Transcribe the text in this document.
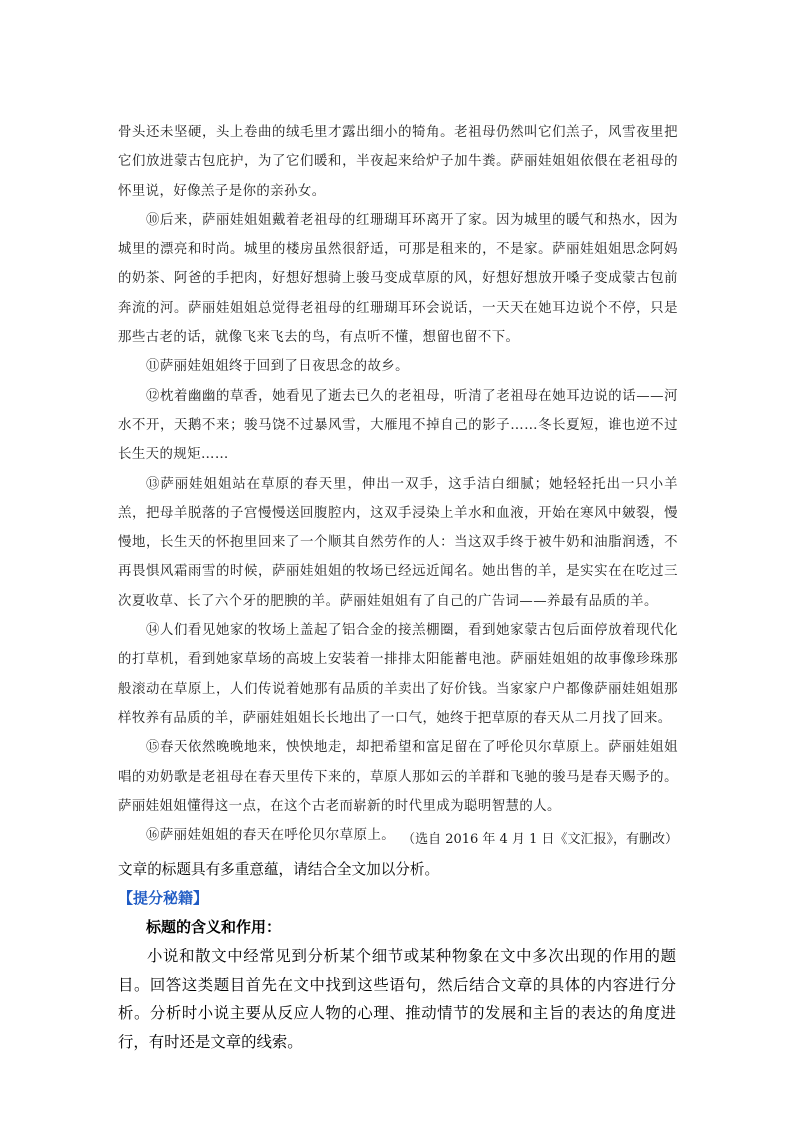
骨头还未坚硬，头上卷曲的绒毛里才露出细小的犄角。老祖母仍然叫它们羔子，风雪夜里把它们放进蒙古包庇护，为了它们暖和，半夜起来给炉子加牛粪。萨丽娃姐姐依偎在老祖母的怀里说，好像羔子是你的亲孙女。

⑩后来，萨丽娃姐姐戴着老祖母的红珊瑚耳环离开了家。因为城里的暖气和热水，因为城里的漂亮和时尚。城里的楼房虽然很舒适，可那是租来的，不是家。萨丽娃姐姐思念阿妈的奶茶、阿爸的手把肉，好想好想骑上骏马变成草原的风，好想好想放开嗓子变成蒙古包前奔流的河。萨丽娃姐姐总觉得老祖母的红珊瑚耳环会说话，一天天在她耳边说个不停，只是那些古老的话，就像飞来飞去的鸟，有点听不懂，想留也留不下。

⑪萨丽娃姐姐终于回到了日夜思念的故乡。

⑫枕着幽幽的草香，她看见了逝去已久的老祖母，听清了老祖母在她耳边说的话——河水不开，天鹅不来；骏马饶不过暴风雪，大雁甩不掉自己的影子……冬长夏短，谁也逆不过长生天的规矩……

⑬萨丽娃姐姐站在草原的春天里，伸出一双手，这手洁白细腻；她轻轻托出一只小羊羔，把母羊脱落的子宫慢慢送回腹腔内，这双手浸染上羊水和血液，开始在寒风中皴裂，慢慢地，长生天的怀抱里回来了一个顺其自然劳作的人：当这双手终于被牛奶和油脂润透，不再畏惧风霜雨雪的时候，萨丽娃姐姐的牧场已经远近闻名。她出售的羊，是实实在在吃过三次夏收草、长了六个牙的肥腴的羊。萨丽娃姐姐有了自己的广告词——养最有品质的羊。

⑭人们看见她家的牧场上盖起了铝合金的接羔棚圈，看到她家蒙古包后面停放着现代化的打草机，看到她家草场的高坡上安装着一排排太阳能蓄电池。萨丽娃姐姐的故事像珍珠那般滚动在草原上，人们传说着她那有品质的羊卖出了好价钱。当家家户户都像萨丽娃姐姐那样牧养有品质的羊，萨丽娃姐姐长长地出了一口气，她终于把草原的春天从二月找了回来。

⑮春天依然晚晚地来，怏怏地走，却把希望和富足留在了呼伦贝尔草原上。萨丽娃姐姐唱的劝奶歌是老祖母在春天里传下来的，草原人那如云的羊群和飞驰的骏马是春天赐予的。萨丽娃姐姐懂得这一点，在这个古老而崭新的时代里成为聪明智慧的人。

⑯萨丽娃姐姐的春天在呼伦贝尔草原上。 （选自 2016 年 4 月 1 日《文汇报》，有删改）
文章的标题具有多重意蕴，请结合全文加以分析。
【提分秘籍】
标题的含义和作用：

小说和散文中经常见到分析某个细节或某种物象在文中多次出现的作用的题目。回答这类题目首先在文中找到这些语句，然后结合文章的具体的内容进行分析。分析时小说主要从反应人物的心理、推动情节的发展和主旨的表达的角度进行，有时还是文章的线索。
